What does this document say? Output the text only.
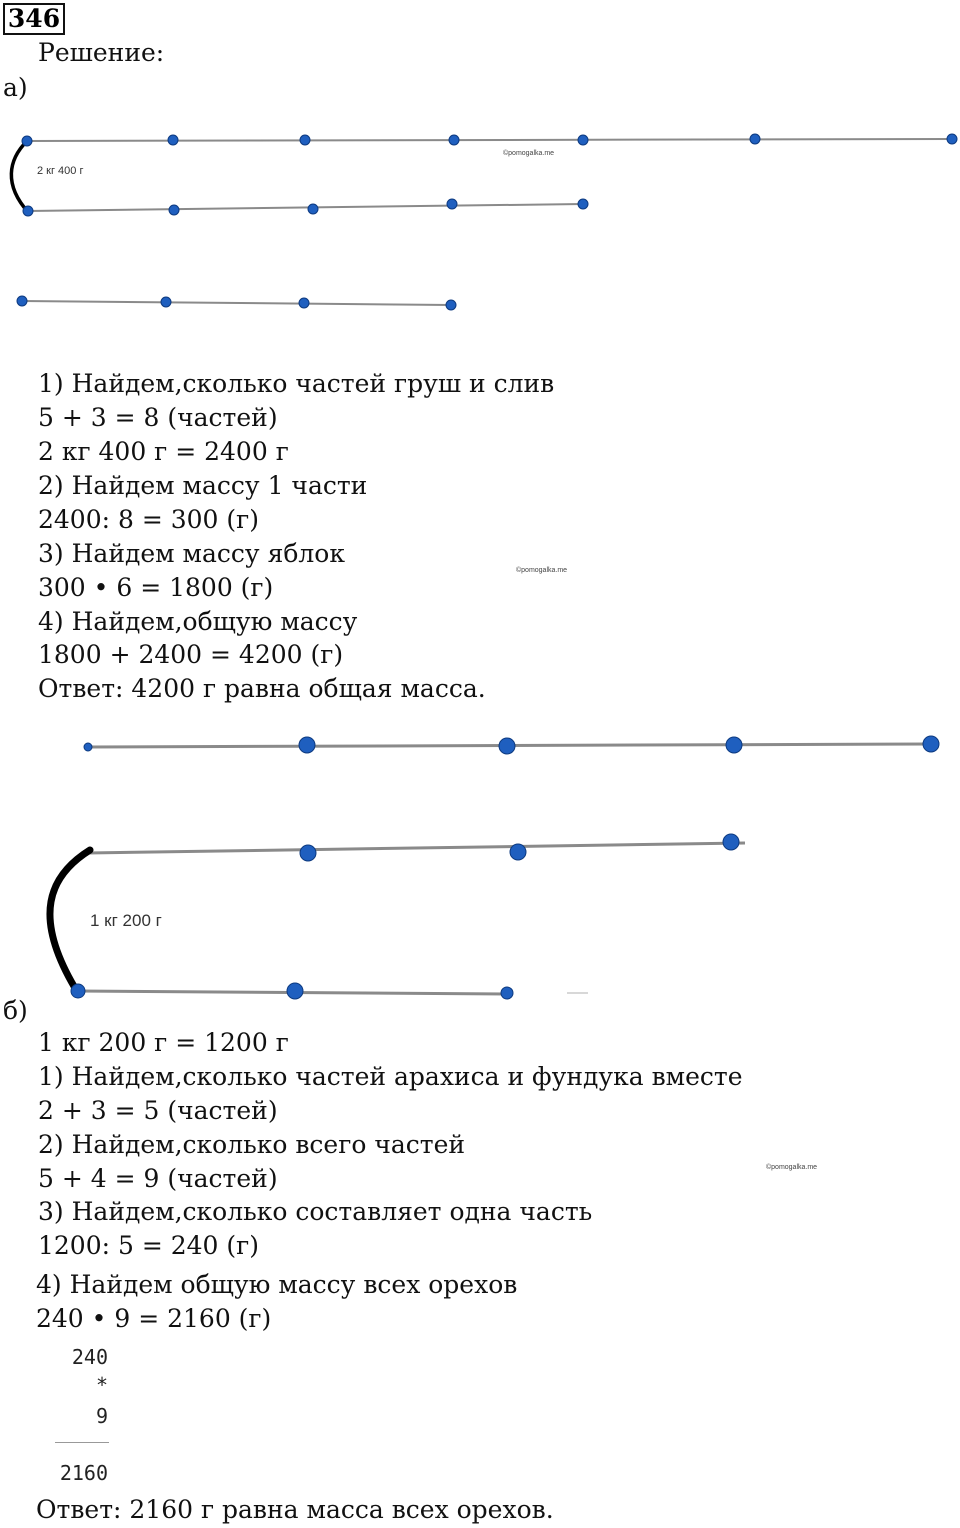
346
Решение:
а)
2 кг 400 г
©pomogalka.me
1) Найдем,сколько частей груш и слив
5 + 3 = 8 (частей)
2 кг 400 г = 2400 г
2) Найдем массу 1 части
2400: 8 = 300 (г)
3) Найдем массу яблок
300 • 6 = 1800 (г)
4) Найдем,общую массу
1800 + 2400 = 4200 (г)
Ответ: 4200 г равна общая масса.
©pomogalka.me
1 кг 200 г
б)
1 кг 200 г = 1200 г
1) Найдем,сколько частей арахиса и фундука вместе
2 + 3 = 5 (частей)
2) Найдем,сколько всего частей
5 + 4 = 9 (частей)
3) Найдем,сколько составляет одна часть
1200: 5 = 240 (г)
4) Найдем общую массу всех орехов
240 • 9 = 2160 (г)
©pomogalka.me
240
*
9
2160
Ответ: 2160 г равна масса всех орехов.
